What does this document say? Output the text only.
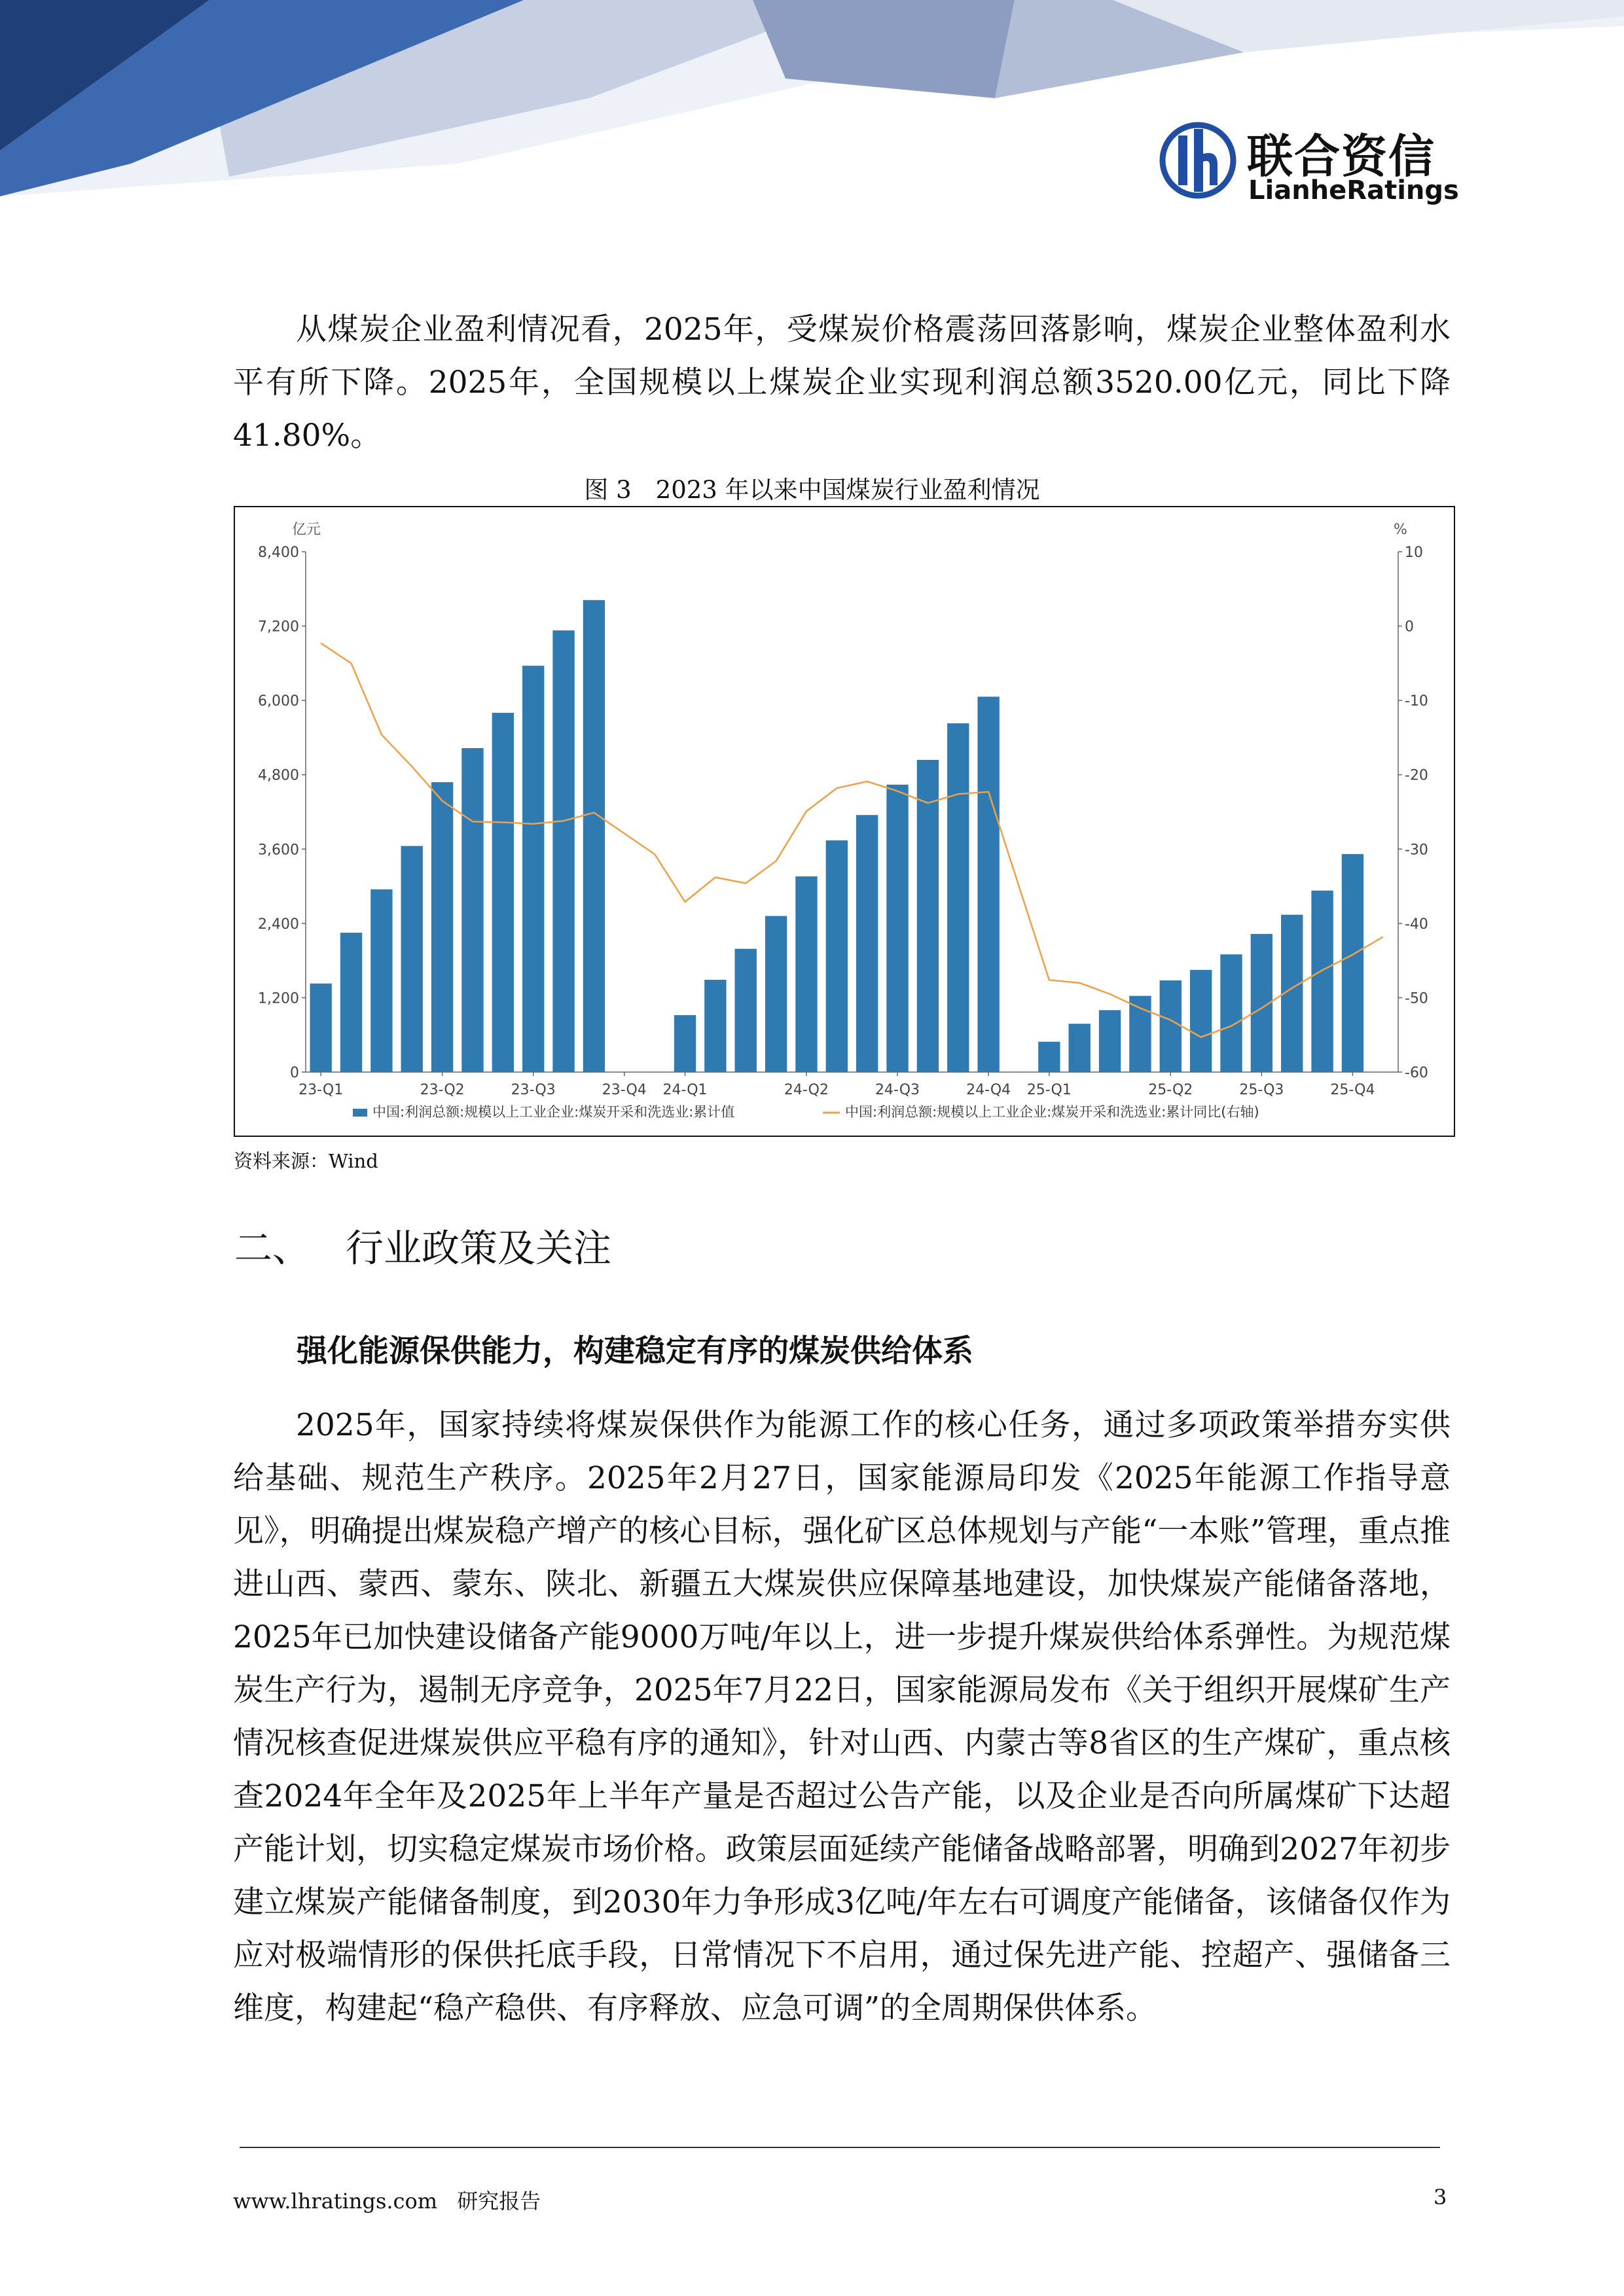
联合资信
LianheRatings

从煤炭企业盈利情况看，2025年，受煤炭价格震荡回落影响，煤炭企业整体盈利水平有所下降。2025年，全国规模以上煤炭企业实现利润总额3520.00亿元，同比下降41.80%。

图 3　2023 年以来中国煤炭行业盈利情况
亿元	%
0
1,200
2,400
3,600
4,800
6,000
7,200
8,400
-60
-50
-40
-30
-20
-10
0
10
23-Q1	23-Q2	23-Q3	23-Q4 24-Q1	24-Q2	24-Q3	24-Q4 25-Q1	25-Q2	25-Q3	25-Q4
中国:利润总额:规模以上工业企业:煤炭开采和洗选业:累计值	中国:利润总额:规模以上工业企业:煤炭开采和洗选业:累计同比(右轴)
资料来源：Wind
二、 行业政策及关注
强化能源保供能力，构建稳定有序的煤炭供给体系

2025年，国家持续将煤炭保供作为能源工作的核心任务，通过多项政策举措夯实供给基础、规范生产秩序。2025年2月27日，国家能源局印发《2025年能源工作指导意见》，明确提出煤炭稳产增产的核心目标，强化矿区总体规划与产能“一本账”管理，重点推进山西、蒙西、蒙东、陕北、新疆五大煤炭供应保障基地建设，加快煤炭产能储备落地，2025年已加快建设储备产能9000万吨/年以上，进一步提升煤炭供给体系弹性。为规范煤炭生产行为，遏制无序竞争，2025年7月22日，国家能源局发布《关于组织开展煤矿生产情况核查促进煤炭供应平稳有序的通知》，针对山西、内蒙古等8省区的生产煤矿，重点核查2024年全年及2025年上半年产量是否超过公告产能，以及企业是否向所属煤矿下达超产能计划，切实稳定煤炭市场价格。政策层面延续产能储备战略部署，明确到2027年初步建立煤炭产能储备制度，到2030年力争形成3亿吨/年左右可调度产能储备，该储备仅作为应对极端情形的保供托底手段，日常情况下不启用，通过保先进产能、控超产、强储备三维度，构建起“稳产稳供、有序释放、应急可调”的全周期保供体系。

www.lhratings.com 研究报告	3
